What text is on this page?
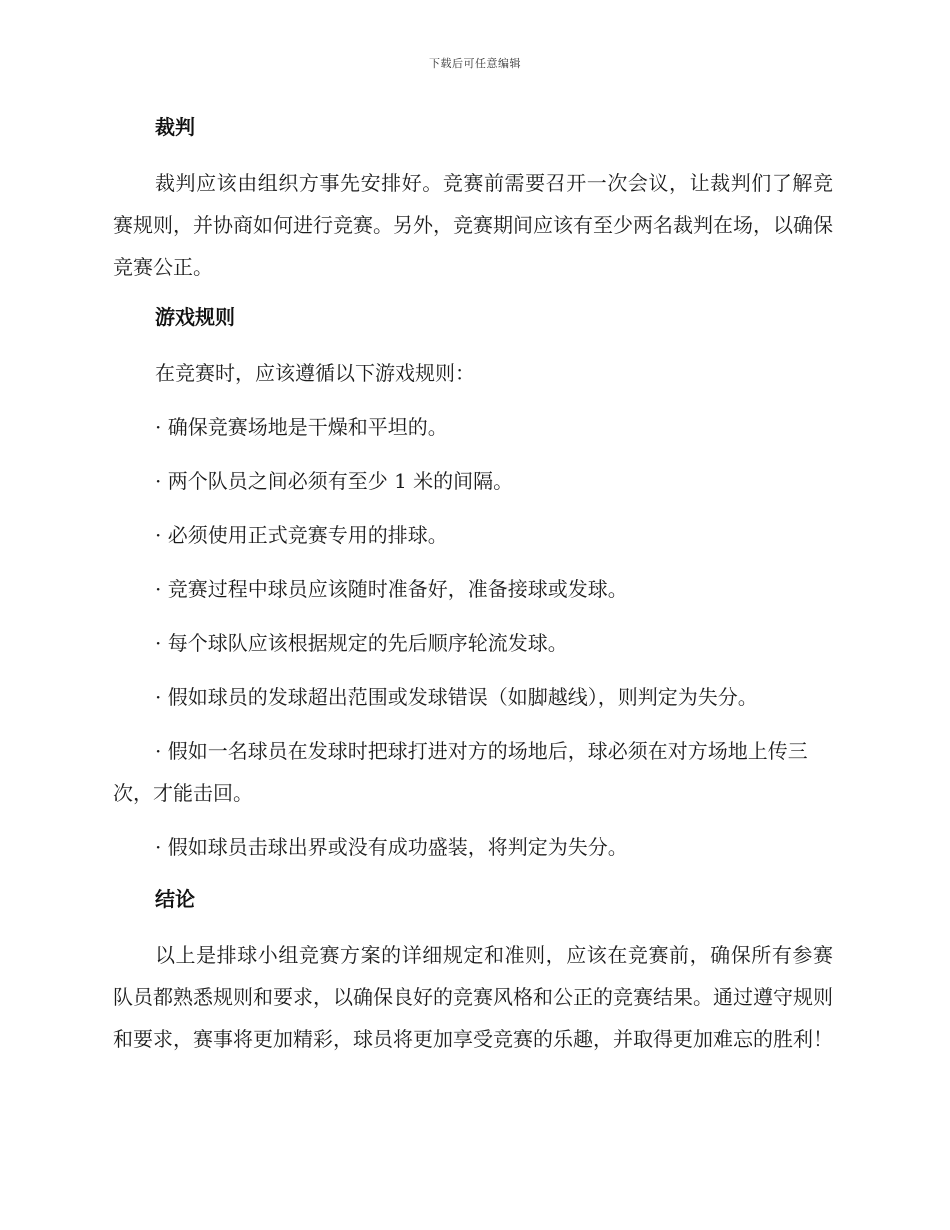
下载后可任意编辑
裁判

裁判应该由组织方事先安排好。竞赛前需要召开一次会议，让裁判们了解竞赛规则，并协商如何进行竞赛。另外，竞赛期间应该有至少两名裁判在场，以确保竞赛公正。

游戏规则

在竞赛时，应该遵循以下游戏规则：

· 确保竞赛场地是干燥和平坦的。

· 两个队员之间必须有至少 1 米的间隔。

· 必须使用正式竞赛专用的排球。

· 竞赛过程中球员应该随时准备好，准备接球或发球。

· 每个球队应该根据规定的先后顺序轮流发球。

· 假如球员的发球超出范围或发球错误（如脚越线），则判定为失分。

· 假如一名球员在发球时把球打进对方的场地后，球必须在对方场地上传三次，才能击回。

· 假如球员击球出界或没有成功盛装，将判定为失分。

结论

以上是排球小组竞赛方案的详细规定和准则，应该在竞赛前，确保所有参赛队员都熟悉规则和要求，以确保良好的竞赛风格和公正的竞赛结果。通过遵守规则和要求，赛事将更加精彩，球员将更加享受竞赛的乐趣，并取得更加难忘的胜利！
